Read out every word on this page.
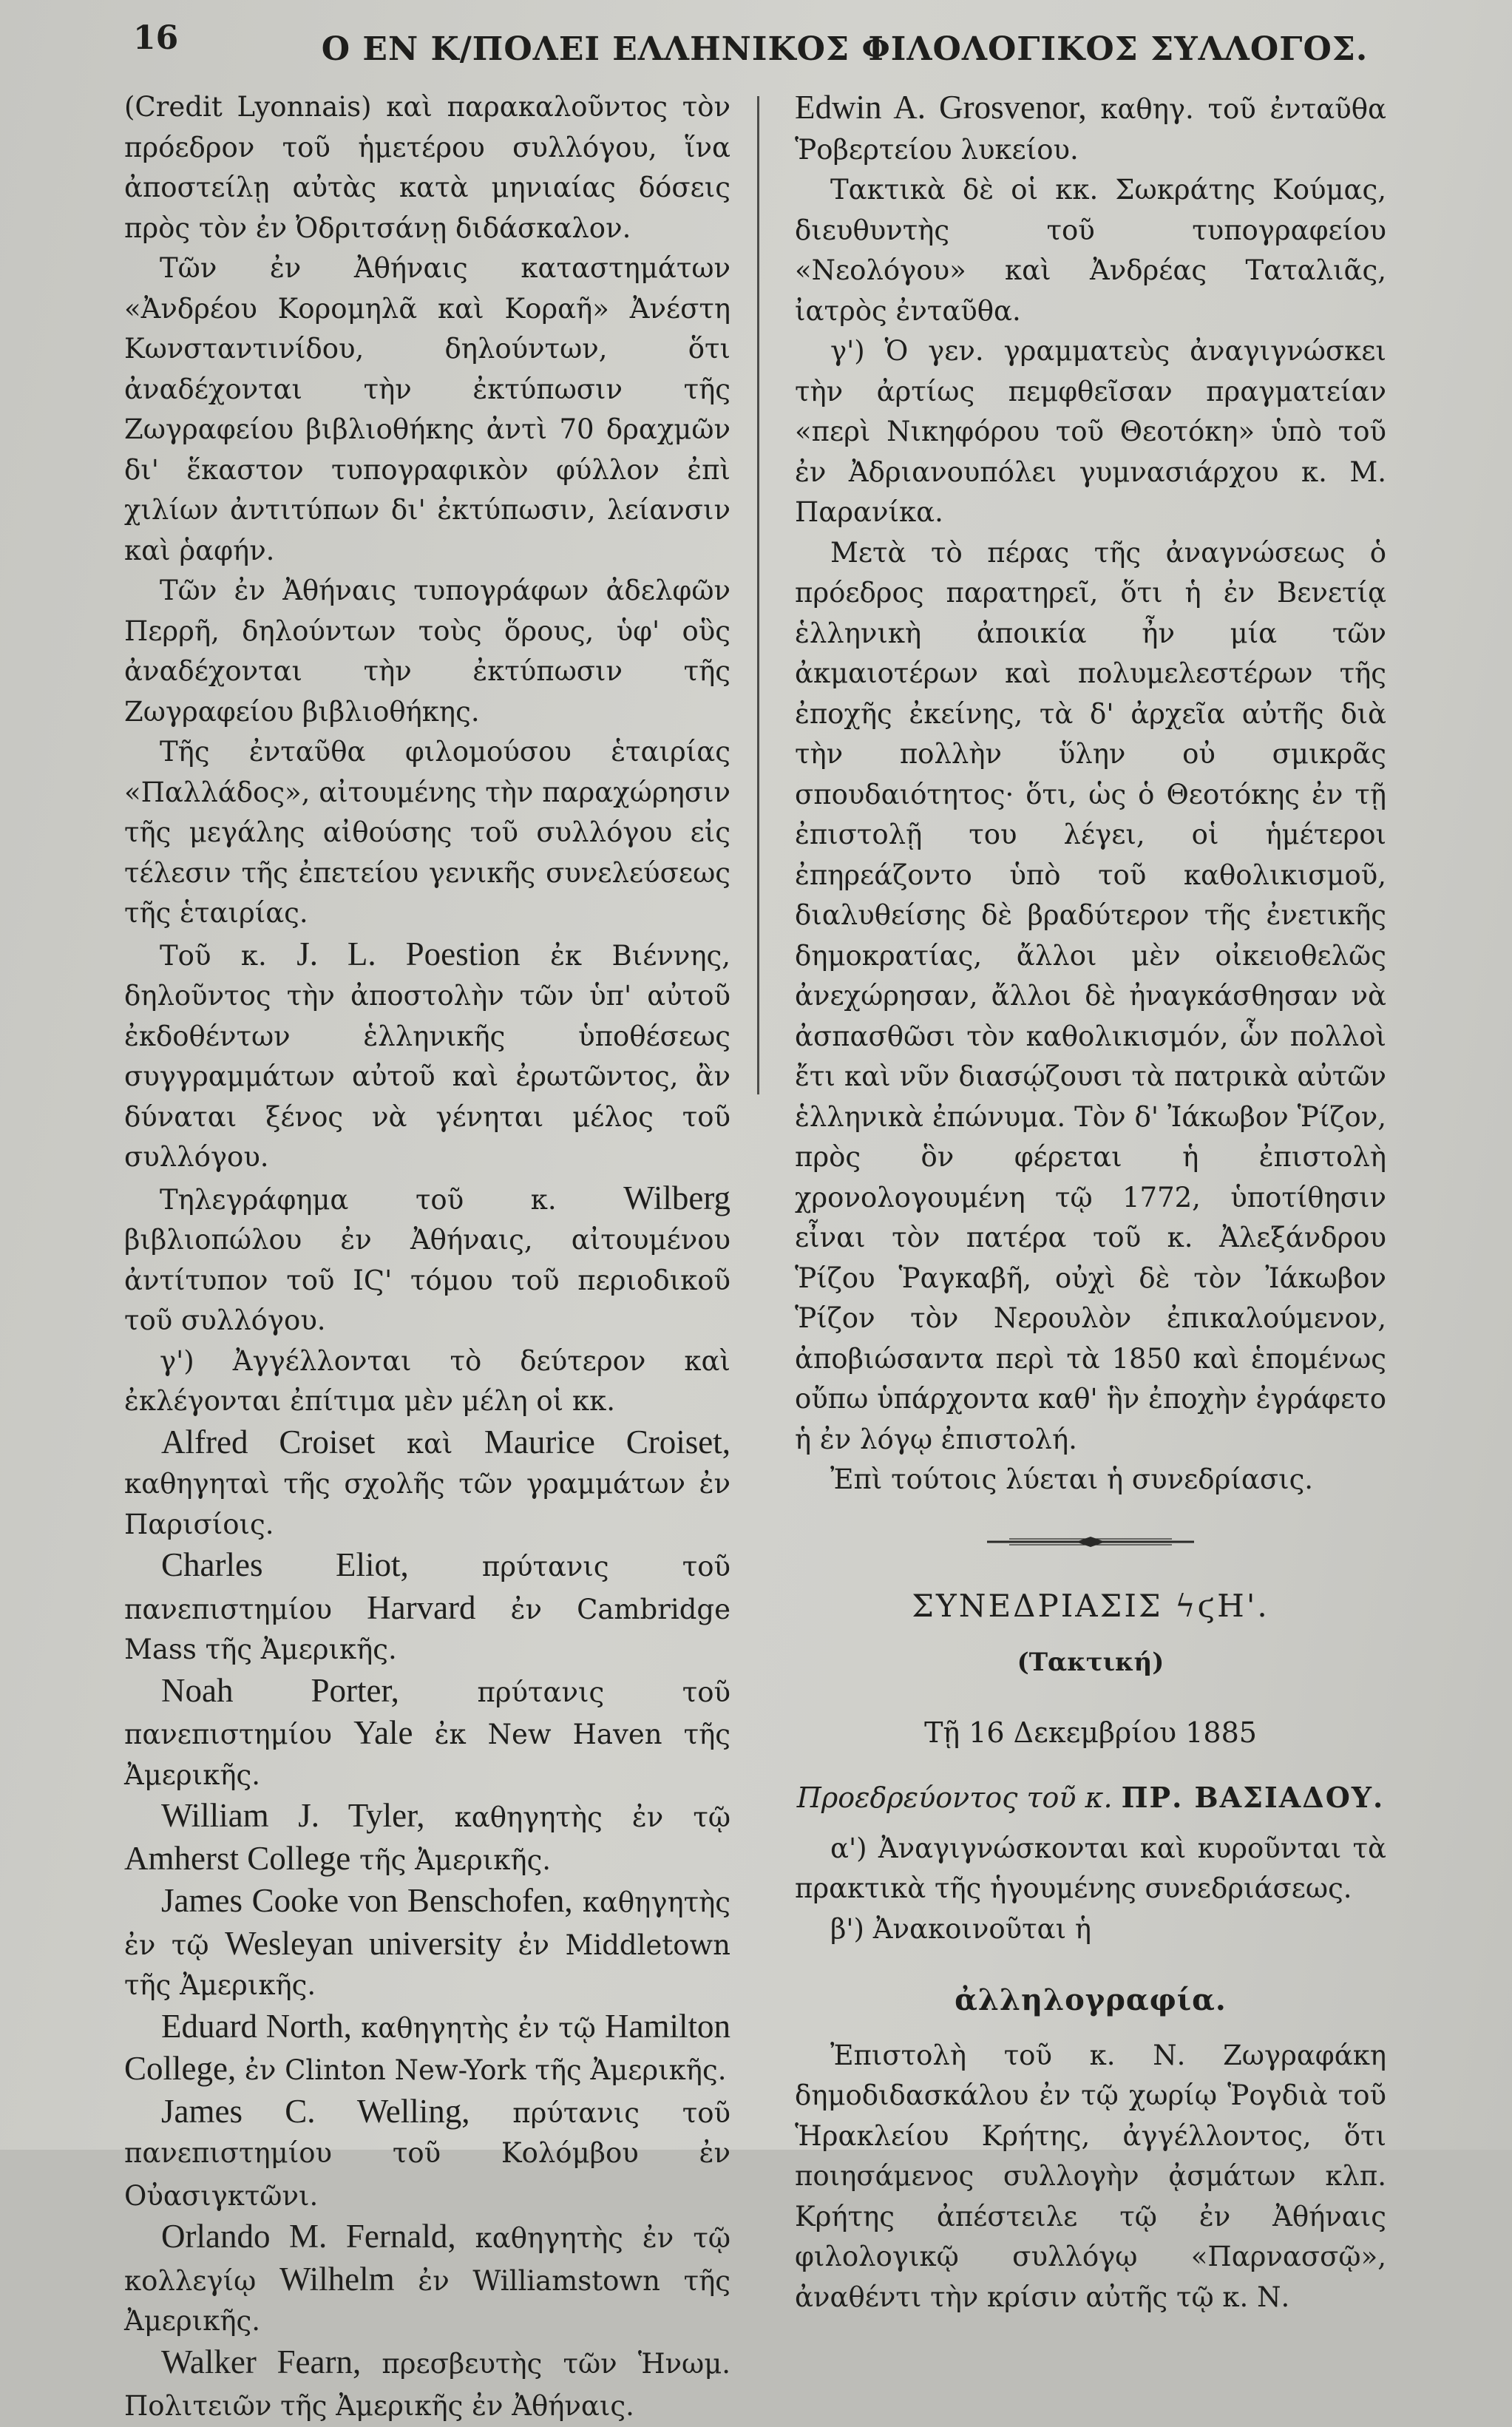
16	Ο ΕΝ Κ/ΠΟΛΕΙ ΕΛΛΗΝΙΚΟΣ ΦΙΛΟΛΟΓΙΚΟΣ ΣΥΛΛΟΓΟΣ.

(Credit Lyonnais) καὶ παρακαλοῦντος τὸν πρόεδρον τοῦ ἡμετέρου συλλόγου, ἵνα ἀποστείλῃ αὐτὰς κατὰ μηνιαίας δόσεις πρὸς τὸν ἐν Ὀδριτσάνῃ διδάσκαλον.

Τῶν ἐν Ἀθήναις καταστημάτων «Ἀνδρέου Κορομηλᾶ καὶ Κοραῆ» Ἀνέστη Κωνσταντινίδου, δηλούντων, ὅτι ἀναδέχονται τὴν ἐκτύπωσιν τῆς Ζωγραφείου βιβλιοθήκης ἀντὶ 70 δραχμῶν δι' ἕκαστον τυπογραφικὸν φύλλον ἐπὶ χιλίων ἀντιτύπων δι' ἐκτύπωσιν, λείανσιν καὶ ῥαφήν.

Τῶν ἐν Ἀθήναις τυπογράφων ἀδελφῶν Περρῆ, δηλούντων τοὺς ὅρους, ὑφ' οὓς ἀναδέχονται τὴν ἐκτύπωσιν τῆς Ζωγραφείου βιβλιοθήκης.

Τῆς ἐνταῦθα φιλομούσου ἑταιρίας «Παλλάδος», αἰτουμένης τὴν παραχώρησιν τῆς μεγάλης αἰθούσης τοῦ συλλόγου εἰς τέλεσιν τῆς ἐπετείου γενικῆς συνελεύσεως τῆς ἑταιρίας.

Τοῦ κ. J. L. Poestion ἐκ Βιέννης, δηλοῦντος τὴν ἀποστολὴν τῶν ὑπ' αὐτοῦ ἐκδοθέντων ἑλληνικῆς ὑποθέσεως συγγραμμάτων αὐτοῦ καὶ ἐρωτῶντος, ἂν δύναται ξένος νὰ γένηται μέλος τοῦ συλλόγου.

Τηλεγράφημα τοῦ κ. Wilberg βιβλιοπώλου ἐν Ἀθήναις, αἰτουμένου ἀντίτυπον τοῦ ΙϚ' τόμου τοῦ περιοδικοῦ τοῦ συλλόγου.

γ') Ἀγγέλλονται τὸ δεύτερον καὶ ἐκλέγονται ἐπίτιμα μὲν μέλη οἱ κκ.

Alfred Croiset καὶ Maurice Croiset, καθηγηταὶ τῆς σχολῆς τῶν γραμμάτων ἐν Παρισίοις.

Charles Eliot, πρύτανις τοῦ πανεπιστημίου Harvard ἐν Cambridge Mass τῆς Ἀμερικῆς.

Noah Porter, πρύτανις τοῦ πανεπιστημίου Yale ἐκ New Haven τῆς Ἀμερικῆς.

William J. Tyler, καθηγητὴς ἐν τῷ Amherst College τῆς Ἀμερικῆς.

James Cooke von Benschofen, καθηγητὴς ἐν τῷ Wesleyan university ἐν Middletown τῆς Ἀμερικῆς.

Eduard North, καθηγητὴς ἐν τῷ Hamilton College, ἐν Clinton New-York τῆς Ἀμερικῆς.

James C. Welling, πρύτανις τοῦ πανεπιστημίου τοῦ Κολόμβου ἐν Οὐασιγκτῶνι.

Orlando M. Fernald, καθηγητὴς ἐν τῷ κολλεγίῳ Wilhelm ἐν Williamstown τῆς Ἀμερικῆς.

Walker Fearn, πρεσβευτὴς τῶν Ἡνωμ. Πολιτειῶν τῆς Ἀμερικῆς ἐν Ἀθήναις.

Edwin A. Grosvenor, καθηγ. τοῦ ἐνταῦθα Ῥοβερτείου λυκείου.

Τακτικὰ δὲ οἱ κκ. Σωκράτης Κούμας, διευθυντὴς τοῦ τυπογραφείου «Νεολόγου» καὶ Ἀνδρέας Ταταλιᾶς, ἰατρὸς ἐνταῦθα.

γ') Ὁ γεν. γραμματεὺς ἀναγιγνώσκει τὴν ἀρτίως πεμφθεῖσαν πραγματείαν «περὶ Νικηφόρου τοῦ Θεοτόκη» ὑπὸ τοῦ ἐν Ἀδριανουπόλει γυμνασιάρχου κ. Μ. Παρανίκα.

Μετὰ τὸ πέρας τῆς ἀναγνώσεως ὁ πρόεδρος παρατηρεῖ, ὅτι ἡ ἐν Βενετίᾳ ἑλληνικὴ ἀποικία ἦν μία τῶν ἀκμαιοτέρων καὶ πολυμελεστέρων τῆς ἐποχῆς ἐκείνης, τὰ δ' ἀρχεῖα αὐτῆς διὰ τὴν πολλὴν ὕλην οὐ σμικρᾶς σπουδαιότητος· ὅτι, ὡς ὁ Θεοτόκης ἐν τῇ ἐπιστολῇ του λέγει, οἱ ἡμέτεροι ἐπηρεάζοντο ὑπὸ τοῦ καθολικισμοῦ, διαλυθείσης δὲ βραδύτερον τῆς ἐνετικῆς δημοκρατίας, ἄλλοι μὲν οἰκειοθελῶς ἀνεχώρησαν, ἄλλοι δὲ ἠναγκάσθησαν νὰ ἀσπασθῶσι τὸν καθολικισμόν, ὧν πολλοὶ ἔτι καὶ νῦν διασῴζουσι τὰ πατρικὰ αὐτῶν ἑλληνικὰ ἐπώνυμα. Τὸν δ' Ἰάκωβον Ῥίζον, πρὸς ὃν φέρεται ἡ ἐπιστολὴ χρονολογουμένη τῷ 1772, ὑποτίθησιν εἶναι τὸν πατέρα τοῦ κ. Ἀλεξάνδρου Ῥίζου Ῥαγκαβῆ, οὐχὶ δὲ τὸν Ἰάκωβον Ῥίζον τὸν Νερουλὸν ἐπικαλούμενον, ἀποβιώσαντα περὶ τὰ 1850 καὶ ἑπομένως οὔπω ὑπάρχοντα καθ' ἣν ἐποχὴν ἐγράφετο ἡ ἐν λόγῳ ἐπιστολή.

Ἐπὶ τούτοις λύεται ἡ συνεδρίασις.

ΣΥΝΕΔΡΙΑΣΙΣ ϟϛΗ'.
(Τακτική)
Τῇ 16 Δεκεμβρίου 1885
Προεδρεύοντος τοῦ κ. ΠΡ. ΒΑΣΙΑΔΟΥ.

α') Ἀναγιγνώσκονται καὶ κυροῦνται τὰ πρακτικὰ τῆς ἡγουμένης συνεδριάσεως.

β') Ἀνακοινοῦται ἡ

ἀλληλογραφία.

Ἐπιστολὴ τοῦ κ. Ν. Ζωγραφάκη δημοδιδασκάλου ἐν τῷ χωρίῳ Ῥογδιὰ τοῦ Ἡρακλείου Κρήτης, ἀγγέλλοντος, ὅτι ποιησάμενος συλλογὴν ᾀσμάτων κλπ. Κρήτης ἀπέστειλε τῷ ἐν Ἀθήναις φιλολογικῷ συλλόγῳ «Παρνασσῷ», ἀναθέντι τὴν κρίσιν αὐτῆς τῷ κ. Ν.
